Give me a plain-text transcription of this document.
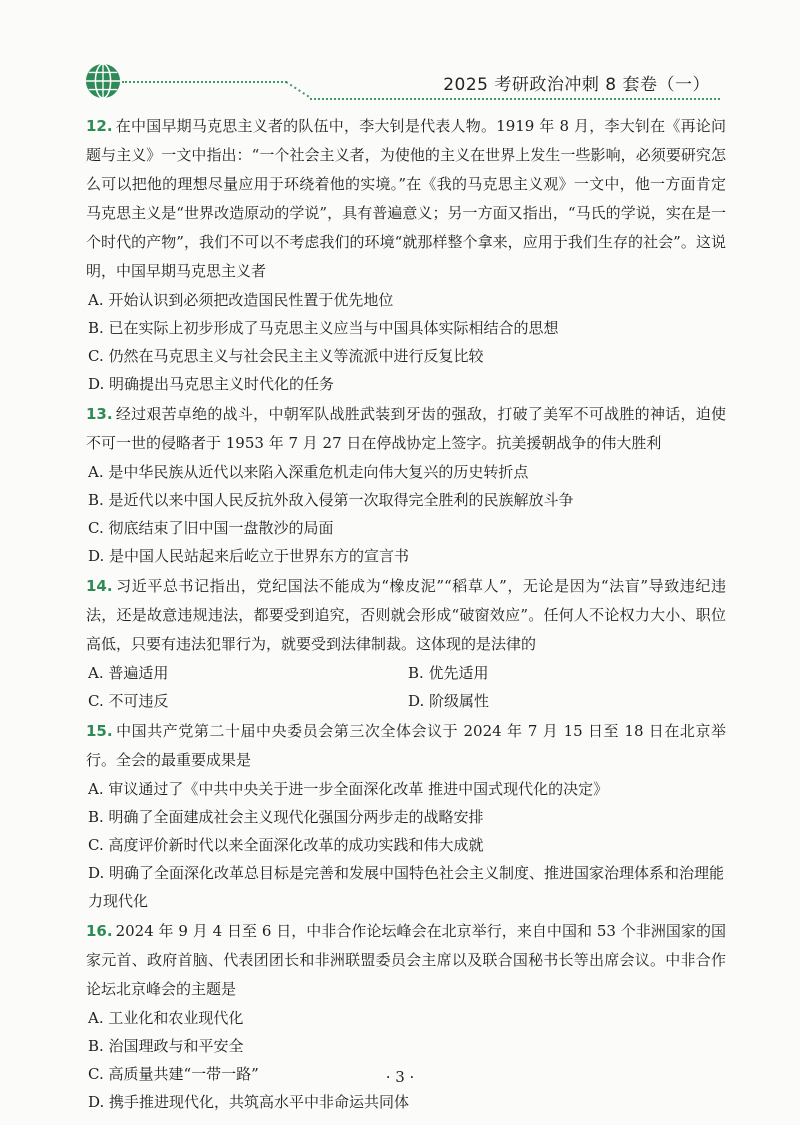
2025 考研政治冲刺 8 套卷（一）
12. 在中国早期马克思主义者的队伍中，李大钊是代表人物。1919 年 8 月，李大钊在《再论问题与主义》一文中指出：“一个社会主义者，为使他的主义在世界上发生一些影响，必须要研究怎么可以把他的理想尽量应用于环绕着他的实境。”在《我的马克思主义观》一文中，他一方面肯定马克思主义是“世界改造原动的学说”，具有普遍意义；另一方面又指出，“马氏的学说，实在是一个时代的产物”，我们不可以不考虑我们的环境“就那样整个拿来，应用于我们生存的社会”。这说明，中国早期马克思主义者
A. 开始认识到必须把改造国民性置于优先地位
B. 已在实际上初步形成了马克思主义应当与中国具体实际相结合的思想
C. 仍然在马克思主义与社会民主主义等流派中进行反复比较
D. 明确提出马克思主义时代化的任务
13. 经过艰苦卓绝的战斗，中朝军队战胜武装到牙齿的强敌，打破了美军不可战胜的神话，迫使不可一世的侵略者于 1953 年 7 月 27 日在停战协定上签字。抗美援朝战争的伟大胜利
A. 是中华民族从近代以来陷入深重危机走向伟大复兴的历史转折点
B. 是近代以来中国人民反抗外敌入侵第一次取得完全胜利的民族解放斗争
C. 彻底结束了旧中国一盘散沙的局面
D. 是中国人民站起来后屹立于世界东方的宣言书
14. 习近平总书记指出，党纪国法不能成为“橡皮泥”“稻草人”，无论是因为“法盲”导致违纪违法，还是故意违规违法，都要受到追究，否则就会形成“破窗效应”。任何人不论权力大小、职位高低，只要有违法犯罪行为，就要受到法律制裁。这体现的是法律的
A. 普遍适用	B. 优先适用
C. 不可违反	D. 阶级属性
15. 中国共产党第二十届中央委员会第三次全体会议于 2024 年 7 月 15 日至 18 日在北京举行。全会的最重要成果是
A. 审议通过了《中共中央关于进一步全面深化改革 推进中国式现代化的决定》
B. 明确了全面建成社会主义现代化强国分两步走的战略安排
C. 高度评价新时代以来全面深化改革的成功实践和伟大成就
D. 明确了全面深化改革总目标是完善和发展中国特色社会主义制度、推进国家治理体系和治理能力现代化
16. 2024 年 9 月 4 日至 6 日，中非合作论坛峰会在北京举行，来自中国和 53 个非洲国家的国家元首、政府首脑、代表团团长和非洲联盟委员会主席以及联合国秘书长等出席会议。中非合作论坛北京峰会的主题是
A. 工业化和农业现代化
B. 治国理政与和平安全
C. 高质量共建“一带一路”
D. 携手推进现代化，共筑高水平中非命运共同体
· 3 ·
